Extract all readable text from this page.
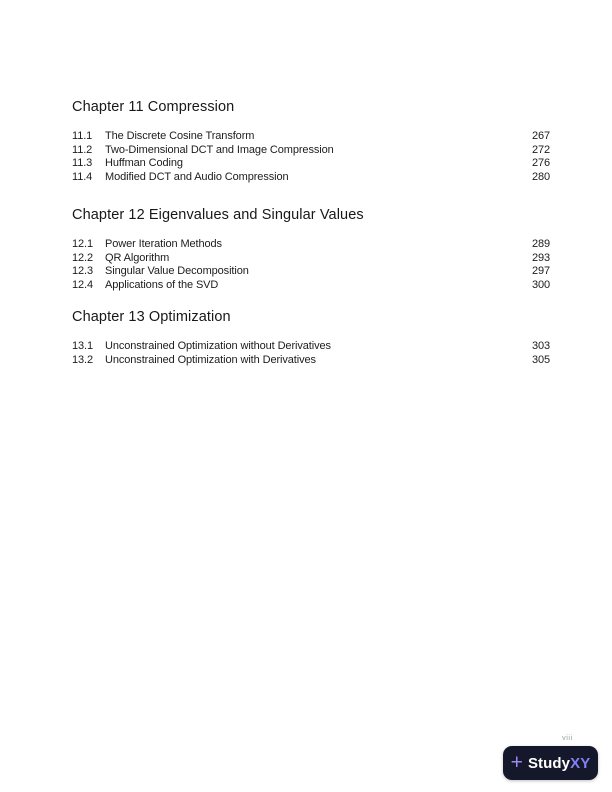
Chapter 11 Compression
11.1	The Discrete Cosine Transform	267
11.2	Two-Dimensional DCT and Image Compression	272
11.3	Huffman Coding	276
11.4	Modified DCT and Audio Compression	280
Chapter 12 Eigenvalues and Singular Values
12.1	Power Iteration Methods	289
12.2	QR Algorithm	293
12.3	Singular Value Decomposition	297
12.4	Applications of the SVD	300
Chapter 13 Optimization
13.1	Unconstrained Optimization without Derivatives	303
13.2	Unconstrained Optimization with Derivatives	305
viii
+ StudyXY
